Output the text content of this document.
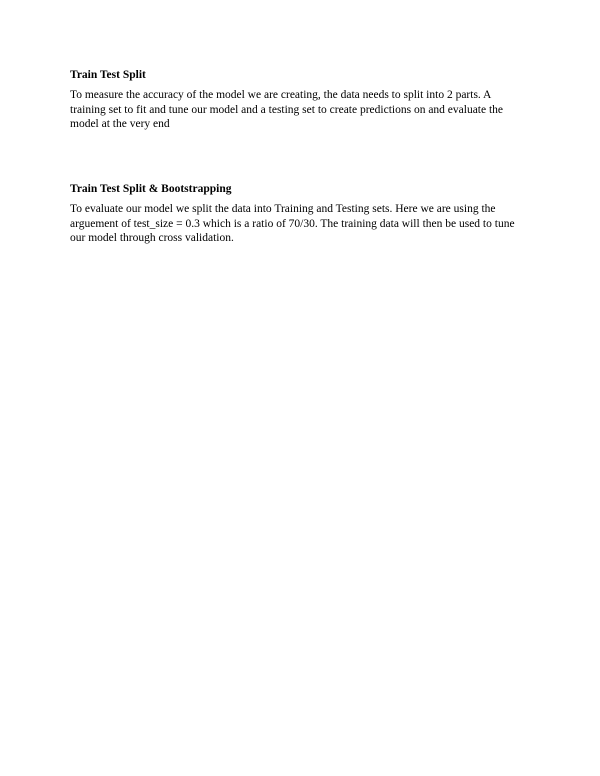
Train Test Split

To measure the accuracy of the model we are creating, the data needs to split into 2 parts. A
training set to fit and tune our model and a testing set to create predictions on and evaluate the
model at the very end

Train Test Split & Bootstrapping

To evaluate our model we split the data into Training and Testing sets. Here we are using the
arguement of test_size = 0.3 which is a ratio of 70/30. The training data will then be used to tune
our model through cross validation.
